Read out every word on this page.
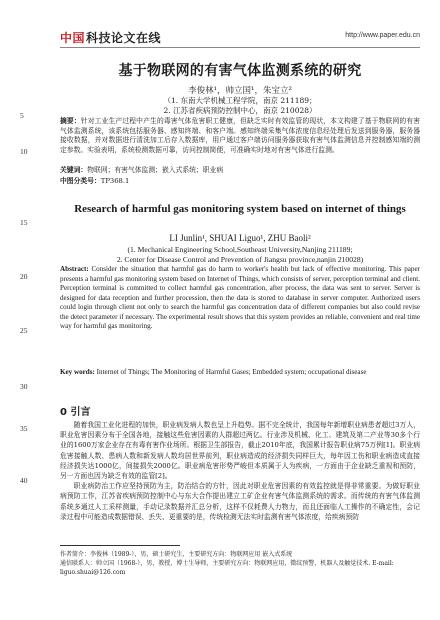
中国 科技论文在线	http://www.paper.edu.cn
5
10
15
20
25
30
35
40
基于物联网的有害气体监测系统的研究
李俊林¹，帅立国¹，朱宝立²
（1. 东南大学机械工程学院，南京 211189；
2. 江苏省疾病预防控制中心，南京 210028）
摘要：针对工业生产过程中产生的毒害气体危害职工健康，但缺乏实时有效监管的现状，本文构建了基于物联网的有害气体监测系统，该系统包括服务器、感知终端、和客户端。感知终端采集气体浓度信息经处理后发送到服务器，服务器接收数据，并对数据进行清洗加工后存入数据库，用户通过客户端访问服务器获取有害气体监测信息并控制感知端的测定参数。实验表明，系统检测数据可靠，访问控制简便，可准确实时地对有害气体进行监测。
关键词：物联网；有害气体监测；嵌入式系统；职业病
中图分类号：TP368.1
Research of harmful gas monitoring system based on internet of things
LI Junlin¹, SHUAI Liguo¹, ZHU Baoli²
(1. Mechanical Engineering School,Southeast University,Nanjing 211189;
2. Center for Disease Control and Prevention of Jiangsu province,nanjin 210028)
Abstract: Consider the situation that harmful gas do harm to worker's health but lack of effective monitoring. This paper presents a harmful gas monitoring system based on Internet of Things, which consists of server, perception terminal and client. Perception terminal is committed to collect harmful gas concentration, after process, the data was sent to server. Server is designed for data reception and further procession, then the data is stored to database in server computer. Authorized users could login through client not only to search the harmful gas concentration data of different companies but also could revise the detect parameter if necessary. The experimental result shows that this system provides an reliable, convenient and real time way for harmful gas monitoring.
Key words: Internet of Things; The Monitoring of Harmful Gases; Embedded system; occupational disease
0 引言

随着我国工业化进程的加快，职业病发病人数也呈上升趋势。据不完全统计，我国每年新增职业病患者超过3万人，职业危害因素分布于全国各地，接触这些危害因素的人群超过两亿。行业涉及机械、化工、建筑及第二产业等30多个行业的1600万家企业存在有毒有害作业场所。根据卫生部报告，截止2010年底，我国累计报告职业病75万例[1]。职业病危害接触人数、患病人数和新发病人数均居世界前列，职业病造成的经济损失同样巨大，每年因工伤和职业病造成直接经济损失达1000亿，间接损失2000亿。职业病危害形势严峻但本质属于人为疾病，一方面由于企业缺乏重视和预防，另一方面也因为缺乏有效的监管[2]。

职业病防治工作应坚持预防为主，防治结合的方针，因此对职业危害因素的有效监控就是得非常重要。为做好职业病预防工作，江苏省疾病预防控制中心与东大合作提出建立工矿企业有害气体监测系统的需求。而传统的有害气体监测系统多通过人工采样测量，手动记录数据并汇总分析，这样不仅耗费人力物力，而且还面临人工操作的不确定性，会记录过程中可能造成数据错误、丢失、更重要的是，传统检测无法实时监测有害气体浓度，给疾病预防

作者简介：李俊林（1989-），男，硕士研究生，主要研究方向：物联网应用 嵌入式系统
通信联系人：帅立国（1968-），男，教授，博士生导师，主要研究方向：物联网应用，微纹预警，机器人及触觉技术. E-mail: liguo.shuai@126.com
